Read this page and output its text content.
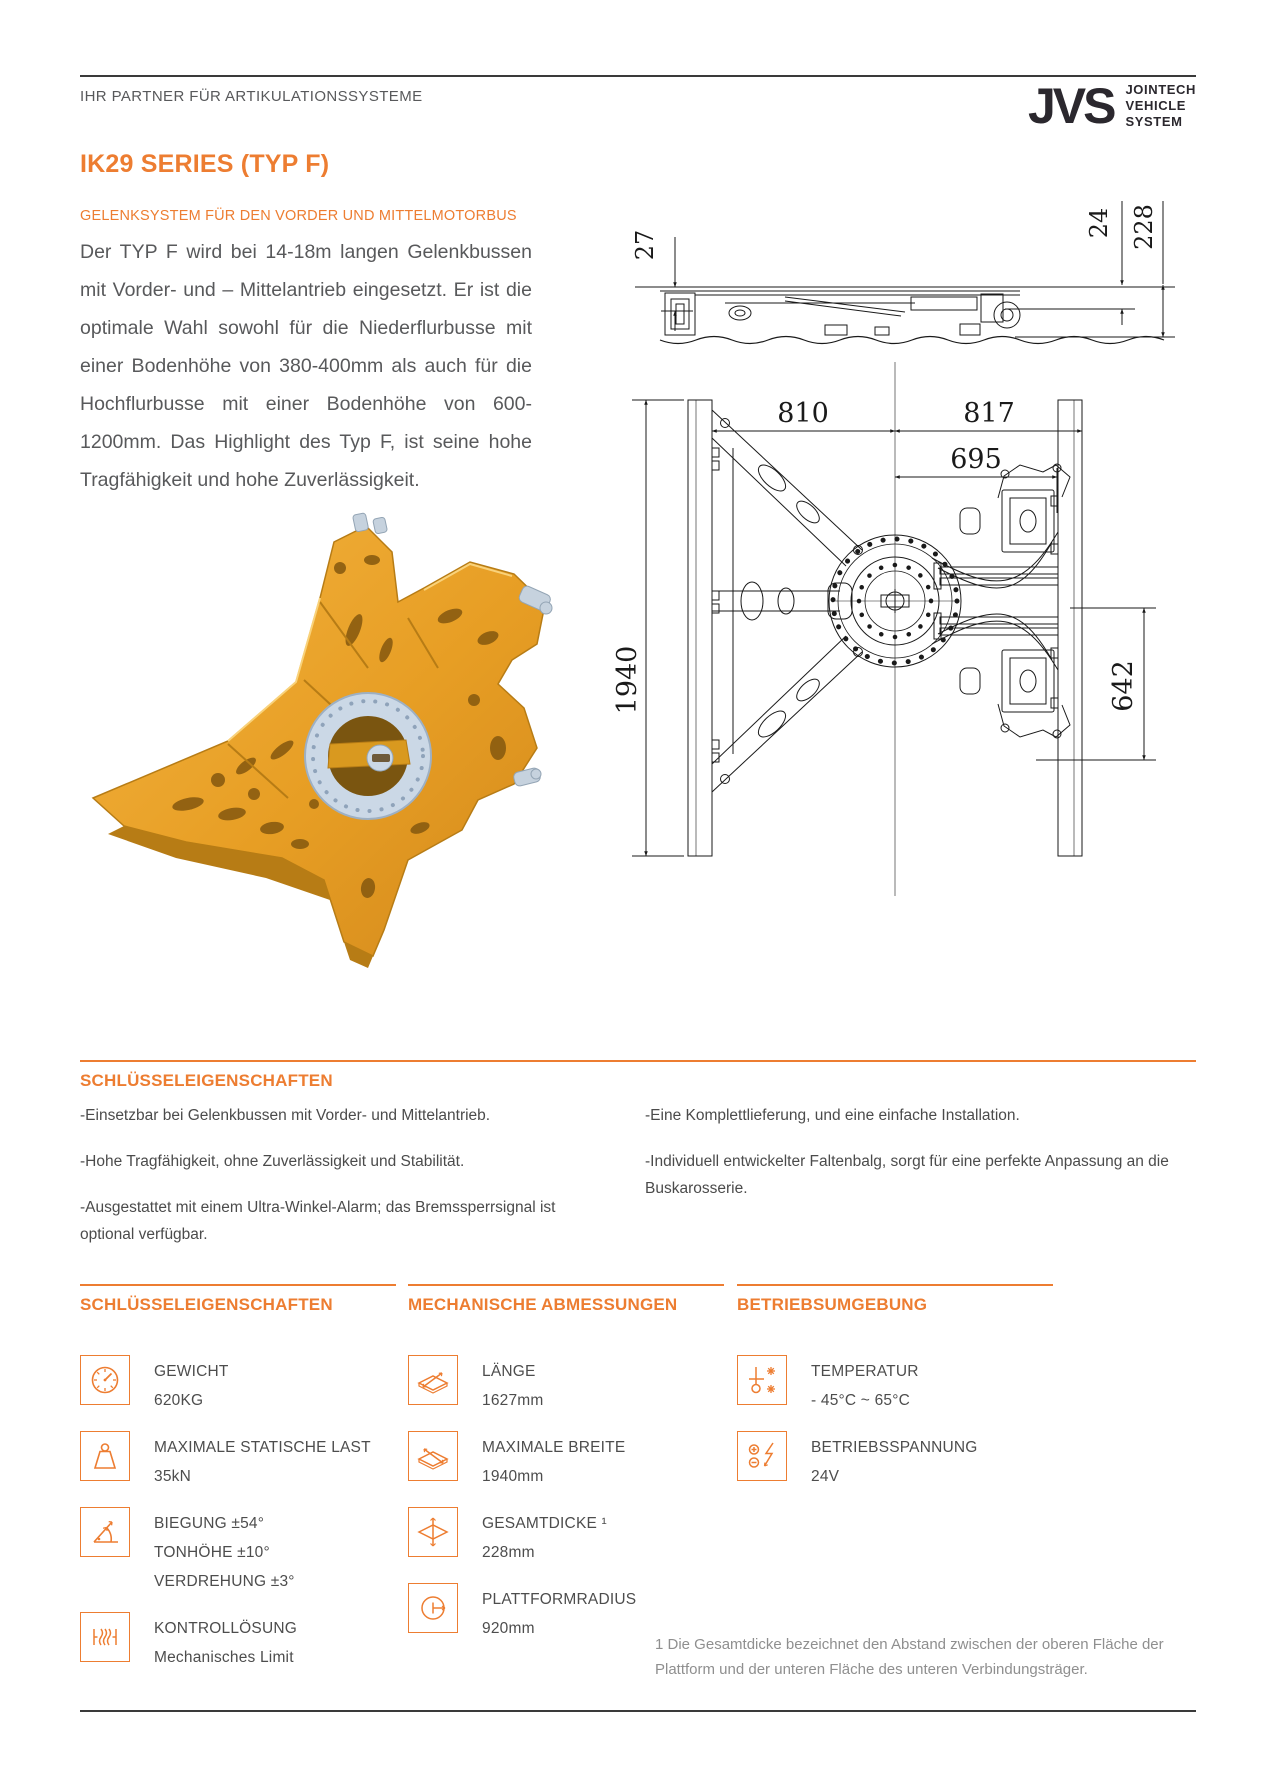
IHR PARTNER FÜR ARTIKULATIONSSYSTEME	JVS JOINTECH
VEHICLE
SYSTEM
IK29 SERIES (TYP F)
GELENKSYSTEM FÜR DEN VORDER UND MITTELMOTORBUS
Der TYP F wird bei 14-18m langen Gelenkbussen mit Vorder- und – Mittelantrieb eingesetzt. Er ist die optimale Wahl sowohl für die Niederflurbusse mit einer Bodenhöhe von 380-400mm als auch für die Hochflurbusse mit einer Bodenhöhe von 600-1200mm. Das Highlight des Typ F, ist seine hohe Tragfähigkeit und hohe Zuverlässigkeit.
27
24 228
810	817
695
1940	642
SCHLÜSSELEIGENSCHAFTEN

-Einsetzbar bei Gelenkbussen mit Vorder- und Mittelantrieb.

-Hohe Tragfähigkeit, ohne Zuverlässigkeit und Stabilität.

-Ausgestattet mit einem Ultra-Winkel-Alarm; das Bremssperrsignal ist optional verfügbar.

-Eine Komplettlieferung, und eine einfache Installation.

-Individuell entwickelter Faltenbalg, sorgt für eine perfekte Anpassung an die Buskarosserie.

SCHLÜSSELEIGENSCHAFTEN
GEWICHT
620KG
MAXIMALE STATISCHE LAST
35kN
BIEGUNG ±54°
TONHÖHE ±10°
VERDREHUNG ±3°
KONTROLLÖSUNG
Mechanisches Limit
MECHANISCHE ABMESSUNGEN
LÄNGE
1627mm
MAXIMALE BREITE
1940mm
GESAMTDICKE ¹
228mm
PLATTFORMRADIUS
920mm
BETRIEBSUMGEBUNG
TEMPERATUR
- 45°C ~ 65°C
BETRIEBSSPANNUNG
24V
1 Die Gesamtdicke bezeichnet den Abstand zwischen der oberen Fläche der Plattform und der unteren Fläche des unteren Verbindungsträger.
